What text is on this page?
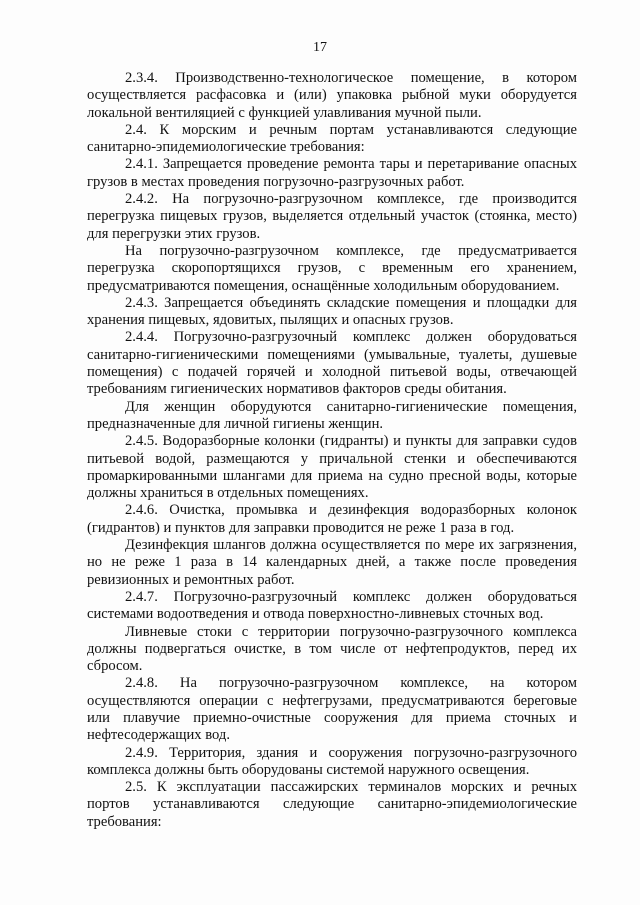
17

2.3.4. Производственно-технологическое помещение, в котором осуществляется расфасовка и (или) упаковка рыбной муки оборудуется локальной вентиляцией с функцией улавливания мучной пыли.

2.4. К морским и речным портам устанавливаются следующие санитарно-эпидемиологические требования:

2.4.1. Запрещается проведение ремонта тары и перетаривание опасных грузов в местах проведения погрузочно-разгрузочных работ.

2.4.2. На погрузочно-разгрузочном комплексе, где производится перегрузка пищевых грузов, выделяется отдельный участок (стоянка, место) для перегрузки этих грузов.

На погрузочно-разгрузочном комплексе, где предусматривается перегрузка скоропортящихся грузов, с временным его хранением, предусматриваются помещения, оснащённые холодильным оборудованием.

2.4.3. Запрещается объединять складские помещения и площадки для хранения пищевых, ядовитых, пылящих и опасных грузов.

2.4.4. Погрузочно-разгрузочный комплекс должен оборудоваться санитарно-гигиеническими помещениями (умывальные, туалеты, душевые помещения) с подачей горячей и холодной питьевой воды, отвечающей требованиям гигиенических нормативов факторов среды обитания.

Для женщин оборудуются санитарно-гигиенические помещения, предназначенные для личной гигиены женщин.

2.4.5. Водоразборные колонки (гидранты) и пункты для заправки судов питьевой водой, размещаются у причальной стенки и обеспечиваются промаркированными шлангами для приема на судно пресной воды, которые должны храниться в отдельных помещениях.

2.4.6. Очистка, промывка и дезинфекция водоразборных колонок (гидрантов) и пунктов для заправки проводится не реже 1 раза в год.

Дезинфекция шлангов должна осуществляется по мере их загрязнения, но не реже 1 раза в 14 календарных дней, а также после проведения ревизионных и ремонтных работ.

2.4.7. Погрузочно-разгрузочный комплекс должен оборудоваться системами водоотведения и отвода поверхностно-ливневых сточных вод.

Ливневые стоки с территории погрузочно-разгрузочного комплекса должны подвергаться очистке, в том числе от нефтепродуктов, перед их сбросом.

2.4.8. На погрузочно-разгрузочном комплексе, на котором осуществляются операции с нефтегрузами, предусматриваются береговые или плавучие приемно-очистные сооружения для приема сточных и нефтесодержащих вод.

2.4.9. Территория, здания и сооружения погрузочно-разгрузочного комплекса должны быть оборудованы системой наружного освещения.

2.5. К эксплуатации пассажирских терминалов морских и речных портов устанавливаются следующие санитарно-эпидемиологические требования:
